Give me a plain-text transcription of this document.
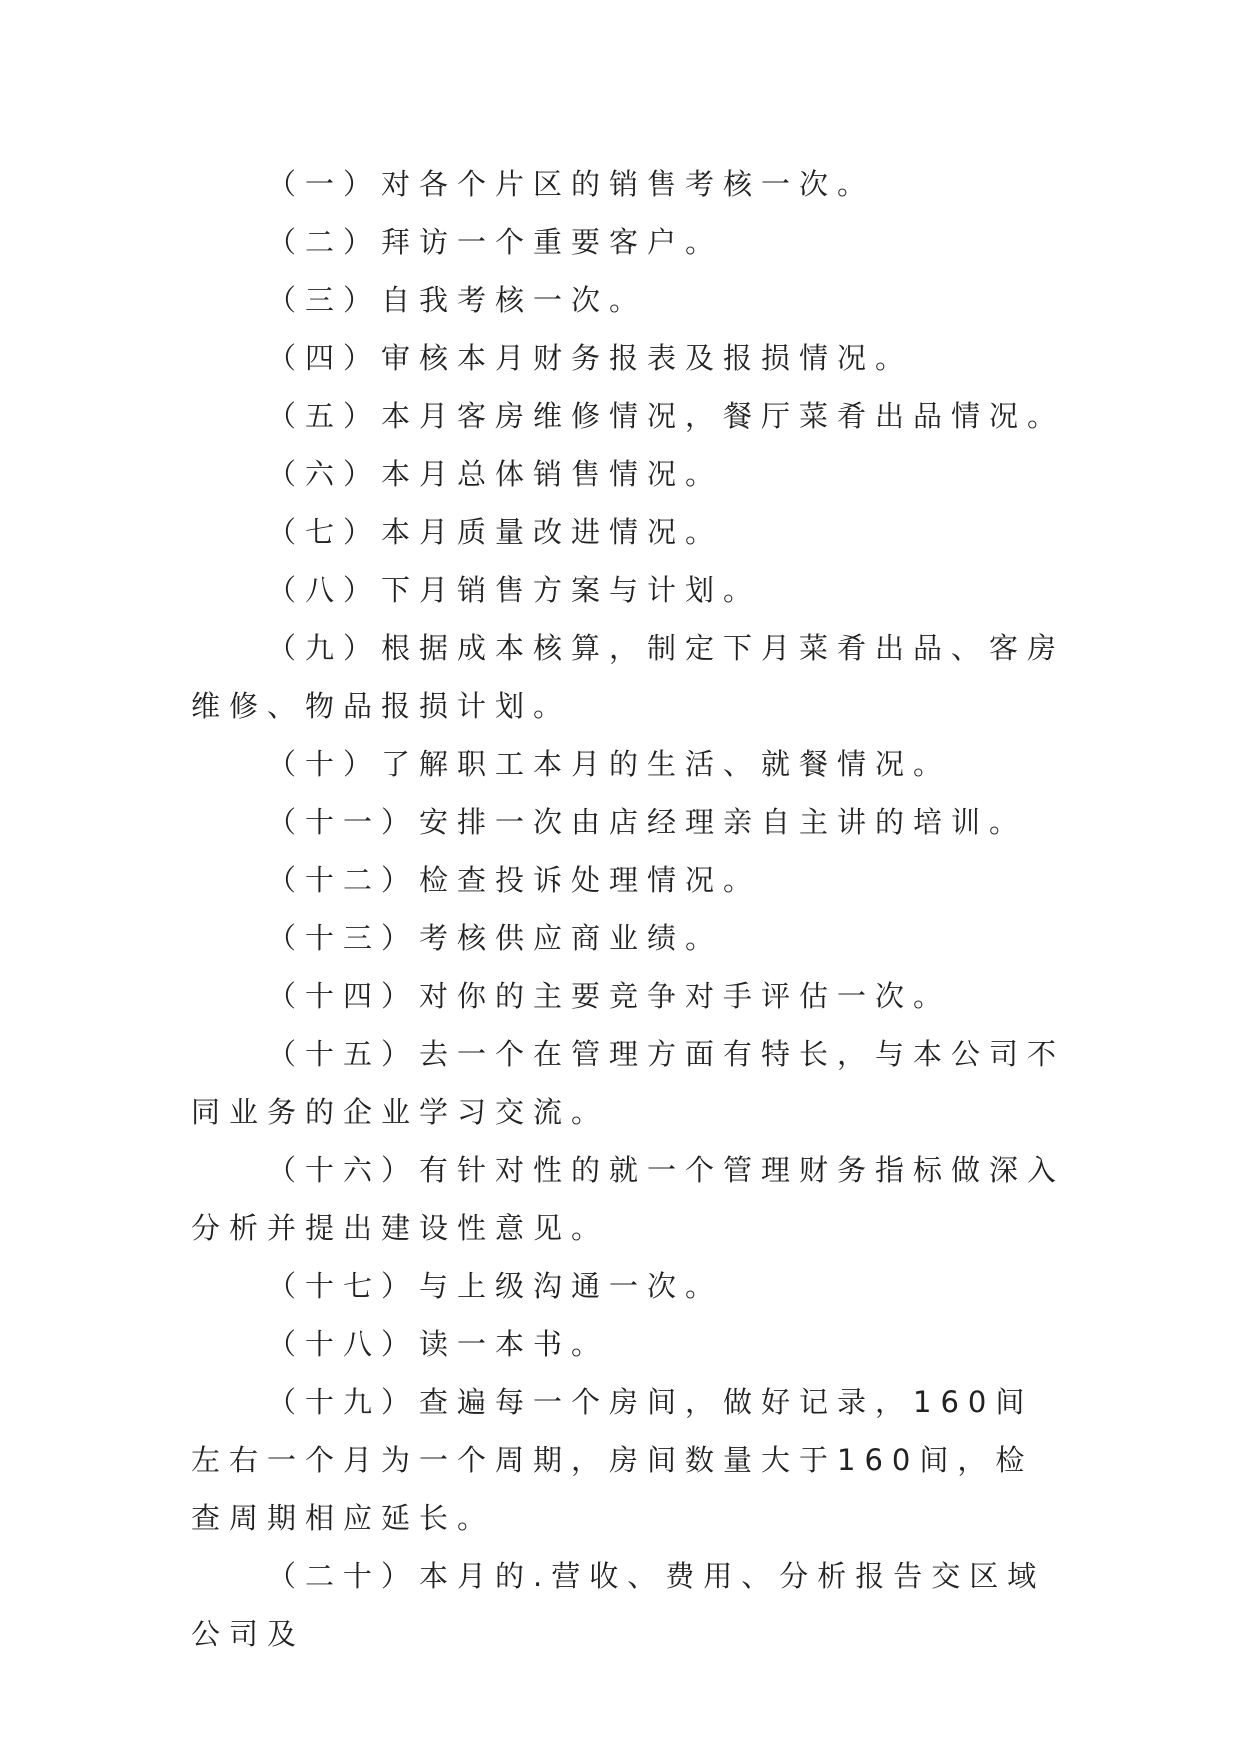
（一）对各个片区的销售考核一次。

（二）拜访一个重要客户。

（三）自我考核一次。

（四）审核本月财务报表及报损情况。

（五）本月客房维修情况，餐厅菜肴出品情况。

（六）本月总体销售情况。

（七）本月质量改进情况。

（八）下月销售方案与计划。

（九）根据成本核算，制定下月菜肴出品、客房维修、物品报损计划。

（十）了解职工本月的生活、就餐情况。

（十一）安排一次由店经理亲自主讲的培训。

（十二）检查投诉处理情况。

（十三）考核供应商业绩。

（十四）对你的主要竞争对手评估一次。

（十五）去一个在管理方面有特长，与本公司不同业务的企业学习交流。

（十六）有针对性的就一个管理财务指标做深入分析并提出建设性意见。

（十七）与上级沟通一次。

（十八）读一本书。

（十九）查遍每一个房间，做好记录，160间左右一个月为一个周期，房间数量大于160间，检查周期相应延长。

（二十）本月的.营收、费用、分析报告交区域公司及
